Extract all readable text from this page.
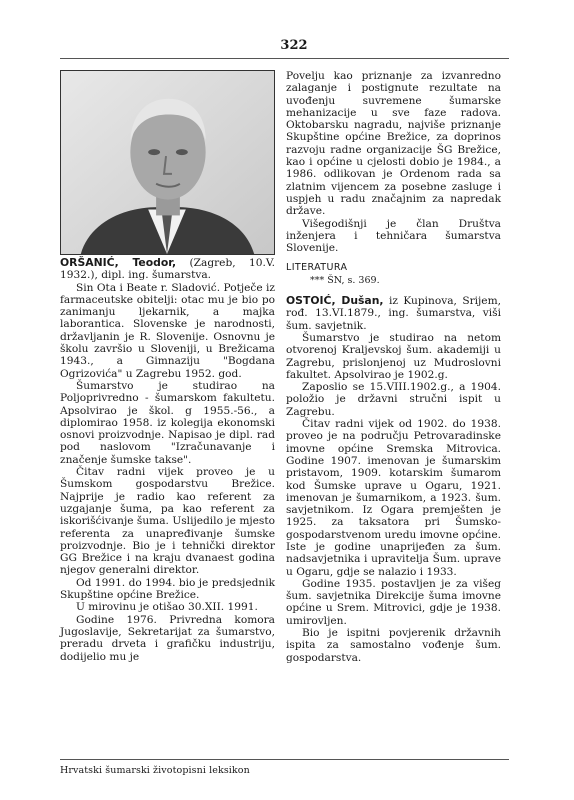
322

ORŠANIĆ, Teodor, (Zagreb, 10.V. 1932.), dipl. ing. šumarstva.

Sin Ota i Beate r. Sladović. Potječe iz farmaceutske obitelji: otac mu je bio po zanimanju ljekarnik, a majka laborantica. Slovenske je narodnosti, državljanin je R. Slovenije. Osnovnu je školu završio u Sloveniji, u Brežicama 1943., a Gimnaziju "Bogdana Ogrizovića" u Zagrebu 1952. god.

Šumarstvo je studirao na Poljoprivredno - šumarskom fakultetu. Apsolvirao je škol. g 1955.-56., a diplomirao 1958. iz kolegija ekonomski osnovi proizvodnje. Napisao je dipl. rad pod naslovom "Izračunavanje i značenje šumske takse".

Čitav radni vijek proveo je u Šumskom gospodarstvu Brežice. Najprije je radio kao referent za uzgajanje šuma, pa kao referent za iskorišćivanje šuma. Uslijedilo je mjesto referenta za unapređivanje šumske proizvodnje. Bio je i tehnički direktor GG Brežice i na kraju dvanaest godina njegov generalni direktor.

Od 1991. do 1994. bio je predsjednik Skupštine općine Brežice.

U mirovinu je otišao 30.XII. 1991.

Godine 1976. Privredna komora Jugoslavije, Sekretarijat za šumarstvo, preradu drveta i grafičku industriju, dodijelio mu je

Povelju kao priznanje za izvanredno zalaganje i postignute rezultate na uvođenju suvremene šumarske mehanizacije u sve faze radova. Oktobarsku nagradu, najviše priznanje Skupštine općine Brežice, za doprinos razvoju radne organizacije ŠG Brežice, kao i općine u cjelosti dobio je 1984., a 1986. odlikovan je Ordenom rada sa zlatnim vijencem za posebne zasluge i uspjeh u radu značajnim za napredak države.

Višegodišnji je član Društva inženjera i tehničara šumarstva Slovenije.

LITERATURA

*** ŠN, s. 369.

OSTOIĆ, Dušan, iz Kupinova, Srijem, rođ. 13.VI.1879., ing. šumarstva, viši šum. savjetnik.

Šumarstvo je studirao na netom otvorenoj Kraljevskoj šum. akademiji u Zagrebu, prislonjenoj uz Mudroslovni fakultet. Apsolvirao je 1902.g.

Zaposlio se 15.VIII.1902.g., a 1904. položio je državni stručni ispit u Zagrebu.

Čitav radni vijek od 1902. do 1938. proveo je na području Petrovaradinske imovne općine Sremska Mitrovica. Godine 1907. imenovan je šumarskim pristavom, 1909. kotarskim šumarom kod Šumske uprave u Ogaru, 1921. imenovan je šumarnikom, a 1923. šum. savjetnikom. Iz Ogara premješten je 1925. za taksatora pri Šumsko-gospodarstvenom uredu imovne općine. Iste je godine unaprijeđen za šum. nadsavjetnika i upravitelja Šum. uprave u Ogaru, gdje se nalazio i 1933.

Godine 1935. postavljen je za višeg šum. savjetnika Direkcije šuma imovne općine u Srem. Mitrovici, gdje je 1938. umirovljen.

Bio je ispitni povjerenik državnih ispita za samostalno vođenje šum. gospodarstva.

Hrvatski šumarski životopisni leksikon
